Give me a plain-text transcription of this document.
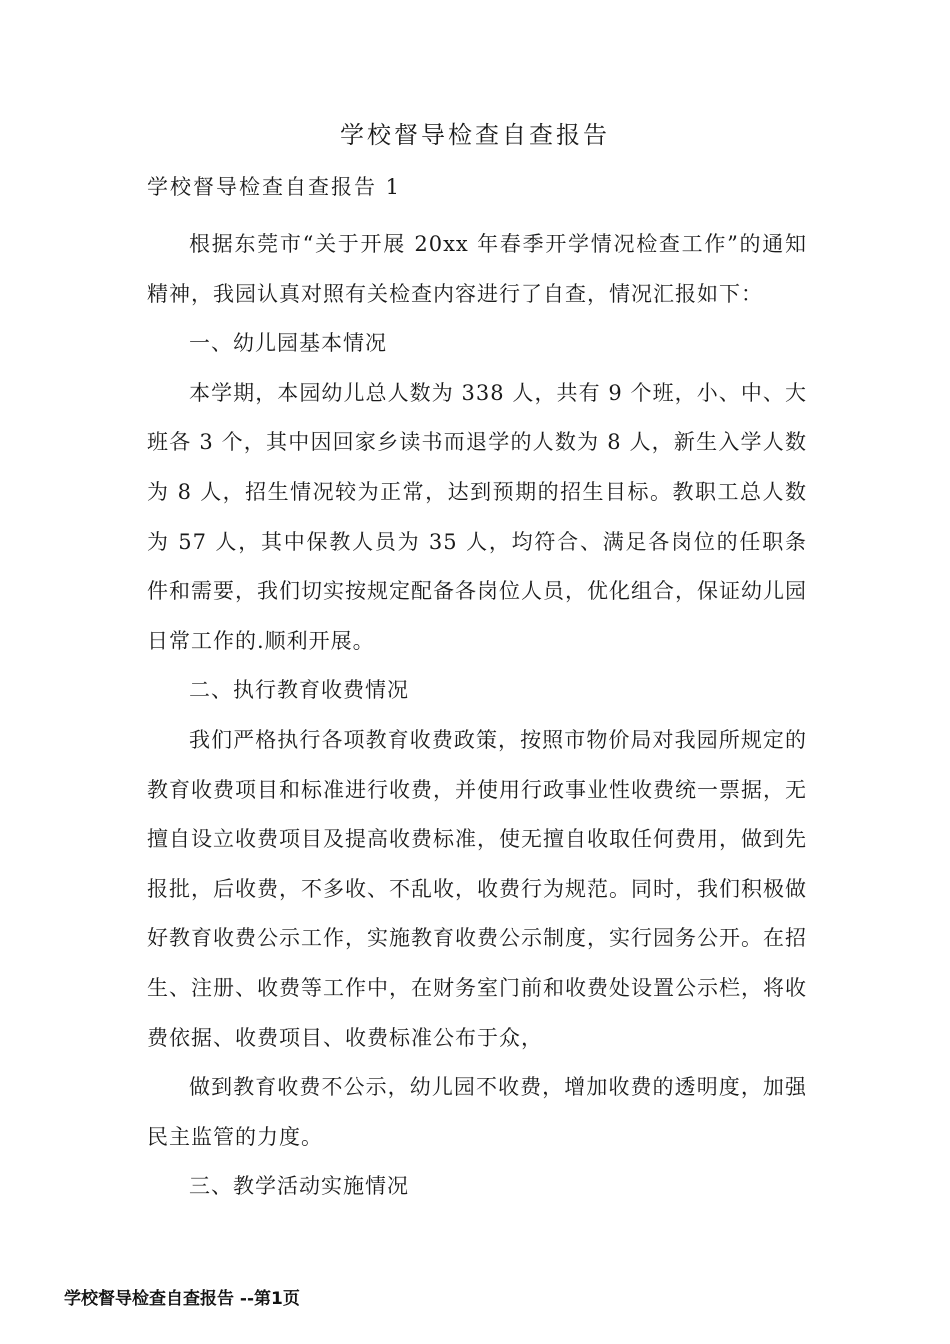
学校督导检查自查报告
学校督导检查自查报告 1

根据东莞市“关于开展 20xx 年春季开学情况检查工作”的通知精神，我园认真对照有关检查内容进行了自查，情况汇报如下：

一、幼儿园基本情况

本学期，本园幼儿总人数为 338 人，共有 9 个班，小、中、大班各 3 个，其中因回家乡读书而退学的人数为 8 人，新生入学人数为 8 人，招生情况较为正常，达到预期的招生目标。教职工总人数为 57 人，其中保教人员为 35 人，均符合、满足各岗位的任职条件和需要，我们切实按规定配备各岗位人员，优化组合，保证幼儿园日常工作的.顺利开展。

二、执行教育收费情况

我们严格执行各项教育收费政策，按照市物价局对我园所规定的教育收费项目和标准进行收费，并使用行政事业性收费统一票据，无擅自设立收费项目及提高收费标准，使无擅自收取任何费用，做到先报批，后收费，不多收、不乱收，收费行为规范。同时，我们积极做好教育收费公示工作，实施教育收费公示制度，实行园务公开。在招生、注册、收费等工作中，在财务室门前和收费处设置公示栏，将收费依据、收费项目、收费标准公布于众，

做到教育收费不公示，幼儿园不收费，增加收费的透明度，加强民主监管的力度。

三、教学活动实施情况

学校督导检查自查报告 --第1页
